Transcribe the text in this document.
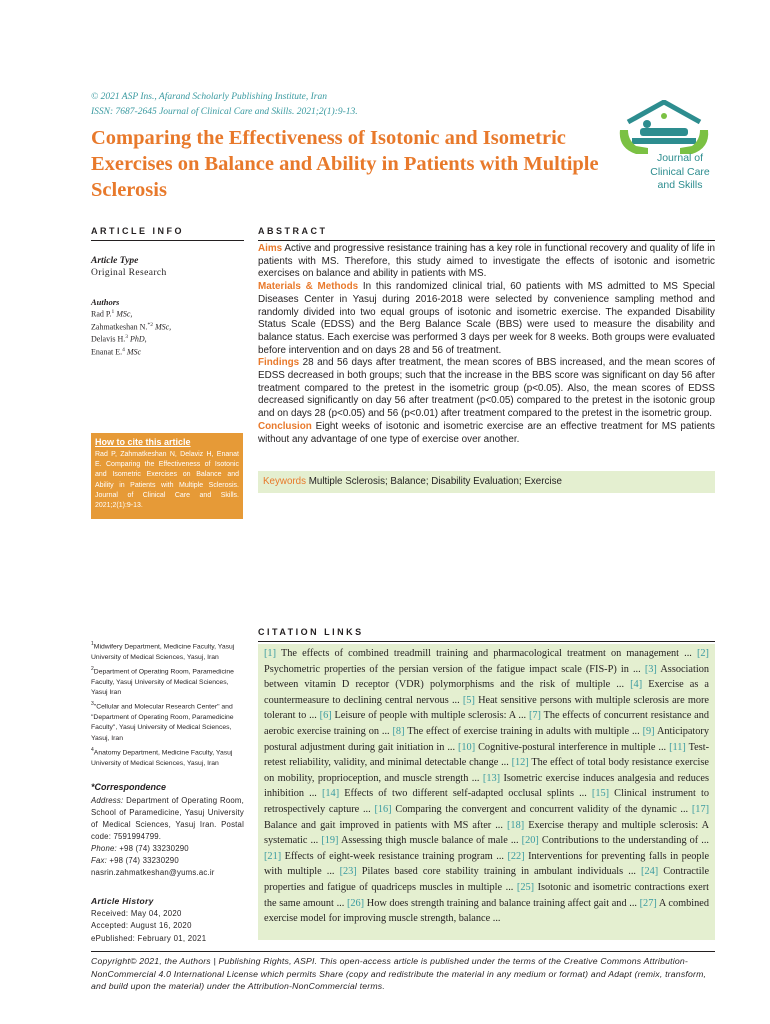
© 2021 ASP Ins., Afarand Scholarly Publishing Institute, Iran
ISSN: 7687-2645 Journal of Clinical Care and Skills. 2021;2(1):9-13.
Comparing the Effectiveness of Isotonic and Isometric Exercises on Balance and Ability in Patients with Multiple Sclerosis
Journal of Clinical Care and Skills
ARTICLE INFO	ABSTRACT
Article Type
Original Research
Authors
Rad P.$^1$ MSc,
Zahmatkeshan N.$^{*2}$ MSc,
Delavis H.$^3$ PhD,
Enanat E.$^4$ MSc
How to cite this article
Rad P, Zahmatkeshan N, Delaviz H, Enanat E. Comparing the Effectiveness of Isotonic and Isometric Exercises on Balance and Ability in Patients with Multiple Sclerosis. Journal of Clinical Care and Skills. 2021;2(1):9-13.

$^1$Midwifery Department, Medicine Faculty, Yasuj University of Medical Sciences, Yasuj, Iran

$^2$Department of Operating Room, Paramedicine Faculty, Yasuj University of Medical Sciences, Yasuj Iran

$^3$"Cellular and Molecular Research Center" and "Department of Operating Room, Paramedicine Faculty", Yasuj University of Medical Sciences, Yasuj, Iran

$^4$Anatomy Department, Medicine Faculty, Yasuj University of Medical Sciences, Yasuj, Iran

*Correspondence
Address: Department of Operating Room, School of Paramedicine, Yasuj University of Medical Sciences, Yasuj Iran. Postal code: 7591994799.
Phone: +98 (74) 33230290
Fax: +98 (74) 33230290
nasrin.zahmatkeshan@yums.ac.ir
Article History
Received: May 04, 2020
Accepted: August 16, 2020
ePublished: February 01, 2021
Aims Active and progressive resistance training has a key role in functional recovery and quality of life in patients with MS. Therefore, this study aimed to investigate the effects of isotonic and isometric exercises on balance and ability in patients with MS.
Materials & Methods In this randomized clinical trial, 60 patients with MS admitted to MS Special Diseases Center in Yasuj during 2016-2018 were selected by convenience sampling method and randomly divided into two equal groups of isotonic and isometric exercise. The expanded Disability Status Scale (EDSS) and the Berg Balance Scale (BBS) were used to measure the disability and balance status. Each exercise was performed 3 days per week for 8 weeks. Both groups were evaluated before intervention and on days 28 and 56 of treatment.
Findings 28 and 56 days after treatment, the mean scores of BBS increased, and the mean scores of EDSS decreased in both groups; such that the increase in the BBS score was significant on day 56 after treatment compared to the pretest in the isometric group (p<0.05). Also, the mean scores of EDSS decreased significantly on day 56 after treatment (p<0.05) compared to the pretest in the isotonic group and on days 28 (p<0.05) and 56 (p<0.01) after treatment compared to the pretest in the isometric group.
Conclusion Eight weeks of isotonic and isometric exercise are an effective treatment for MS patients without any advantage of one type of exercise over another.
Keywords Multiple Sclerosis; Balance; Disability Evaluation; Exercise
CITATION LINKS
[1] The effects of combined treadmill training and pharmacological treatment on management ... [2] Psychometric properties of the persian version of the fatigue impact scale (FIS-P) in ... [3] Association between vitamin D receptor (VDR) polymorphisms and the risk of multiple ... [4] Exercise as a countermeasure to declining central nervous ... [5] Heat sensitive persons with multiple sclerosis are more tolerant to ... [6] Leisure of people with multiple sclerosis: A ... [7] The effects of concurrent resistance and aerobic exercise training on ... [8] The effect of exercise training in adults with multiple ... [9] Anticipatory postural adjustment during gait initiation in ... [10] Cognitive-postural interference in multiple ... [11] Test-retest reliability, validity, and minimal detectable change ... [12] The effect of total body resistance exercise on mobility, proprioception, and muscle strength ... [13] Isometric exercise induces analgesia and reduces inhibition ... [14] Effects of two different self-adapted occlusal splints ... [15] Clinical instrument to retrospectively capture ... [16] Comparing the convergent and concurrent validity of the dynamic ... [17] Balance and gait improved in patients with MS after ... [18] Exercise therapy and multiple sclerosis: A systematic ... [19] Assessing thigh muscle balance of male ... [20] Contributions to the understanding of ... [21] Effects of eight-week resistance training program ... [22] Interventions for preventing falls in people with multiple ... [23] Pilates based core stability training in ambulant individuals ... [24] Contractile properties and fatigue of quadriceps muscles in multiple ... [25] Isotonic and isometric contractions exert the same amount ... [26] How does strength training and balance training affect gait and ... [27] A combined exercise model for improving muscle strength, balance ...
Copyright© 2021, the Authors | Publishing Rights, ASPI. This open-access article is published under the terms of the Creative Commons Attribution-NonCommercial 4.0 International License which permits Share (copy and redistribute the material in any medium or format) and Adapt (remix, transform, and build upon the material) under the Attribution-NonCommercial terms.
